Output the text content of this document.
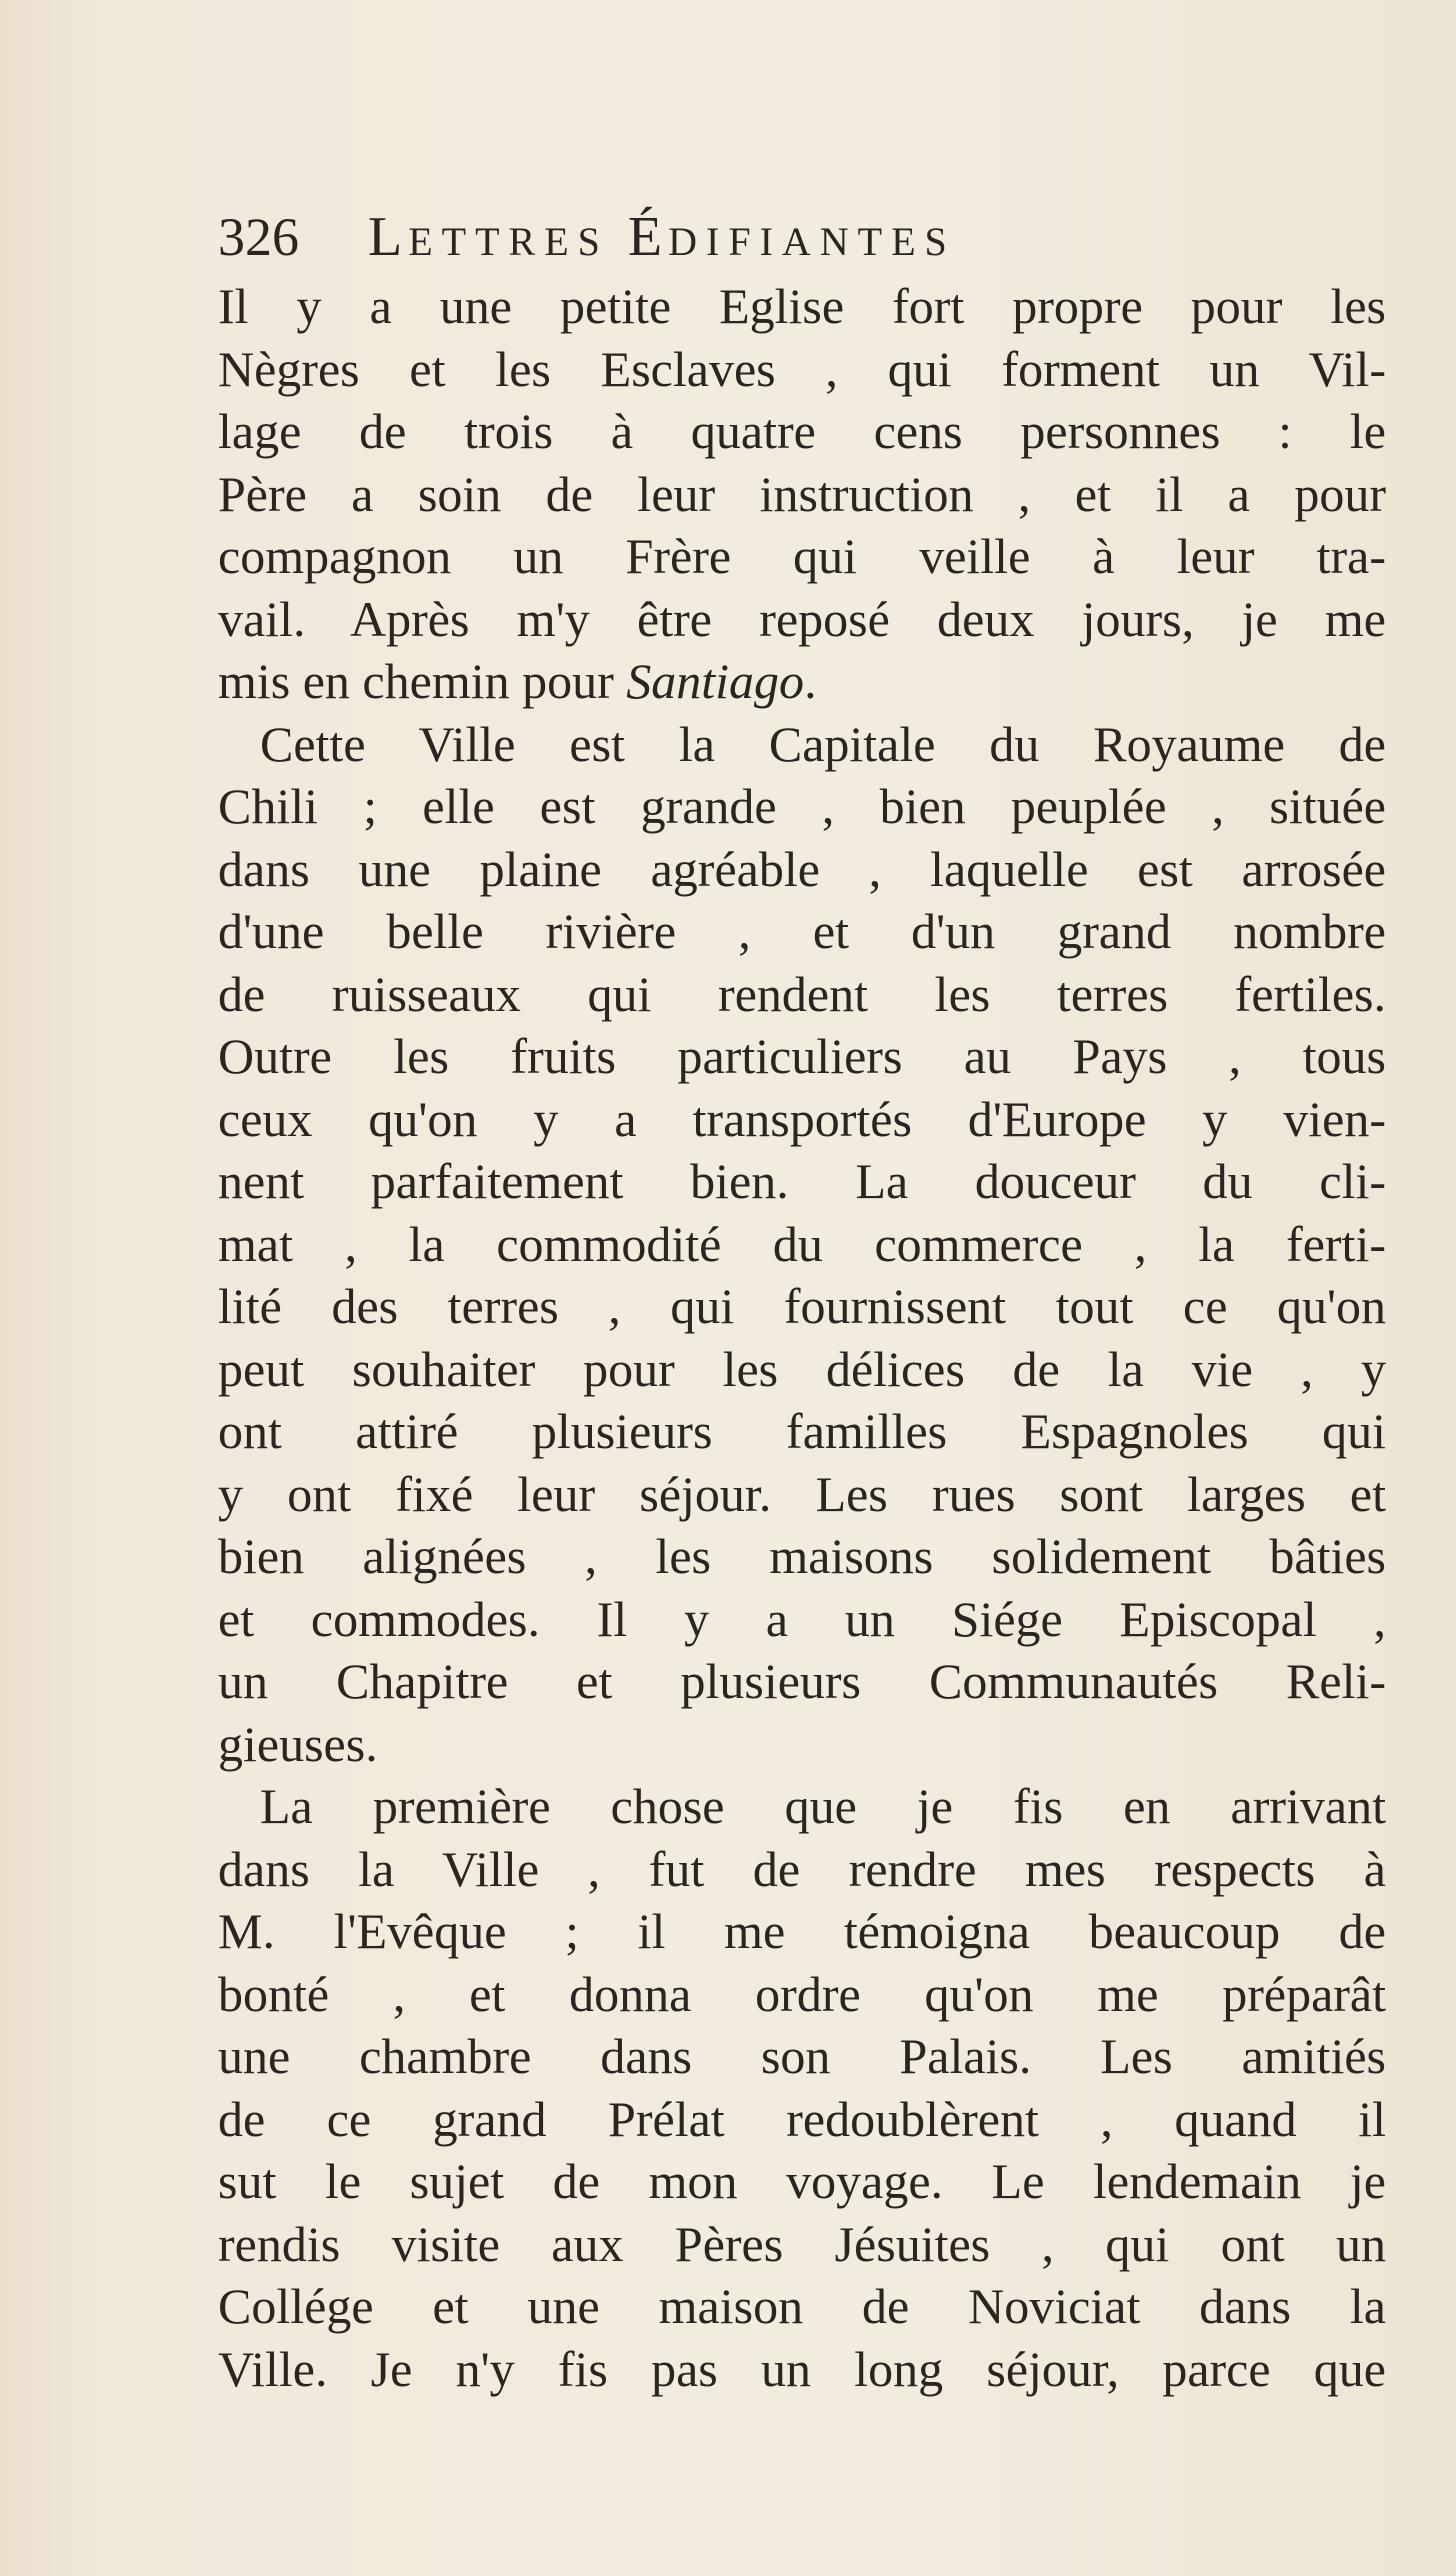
326	LETTRES ÉDIFIANTES
Il y a une petite Eglise fort propre pour les
Nègres et les Esclaves , qui forment un Vil-
lage de trois à quatre cens personnes : le
Père a soin de leur instruction , et il a pour
compagnon un Frère qui veille à leur tra-
vail. Après m'y être reposé deux jours, je me
mis en chemin pour Santiago.
Cette Ville est la Capitale du Royaume de
Chili ; elle est grande , bien peuplée , située
dans une plaine agréable , laquelle est arrosée
d'une belle rivière , et d'un grand nombre
de ruisseaux qui rendent les terres fertiles.
Outre les fruits particuliers au Pays , tous
ceux qu'on y a transportés d'Europe y vien-
nent parfaitement bien. La douceur du cli-
mat , la commodité du commerce , la ferti-
lité des terres , qui fournissent tout ce qu'on
peut souhaiter pour les délices de la vie , y
ont attiré plusieurs familles Espagnoles qui
y ont fixé leur séjour. Les rues sont larges et
bien alignées , les maisons solidement bâties
et commodes. Il y a un Siége Episcopal ,
un Chapitre et plusieurs Communautés Reli-
gieuses.
La première chose que je fis en arrivant
dans la Ville , fut de rendre mes respects à
M. l'Evêque ; il me témoigna beaucoup de
bonté , et donna ordre qu'on me préparât
une chambre dans son Palais. Les amitiés
de ce grand Prélat redoublèrent , quand il
sut le sujet de mon voyage. Le lendemain je
rendis visite aux Pères Jésuites , qui ont un
Collége et une maison de Noviciat dans la
Ville. Je n'y fis pas un long séjour, parce que
